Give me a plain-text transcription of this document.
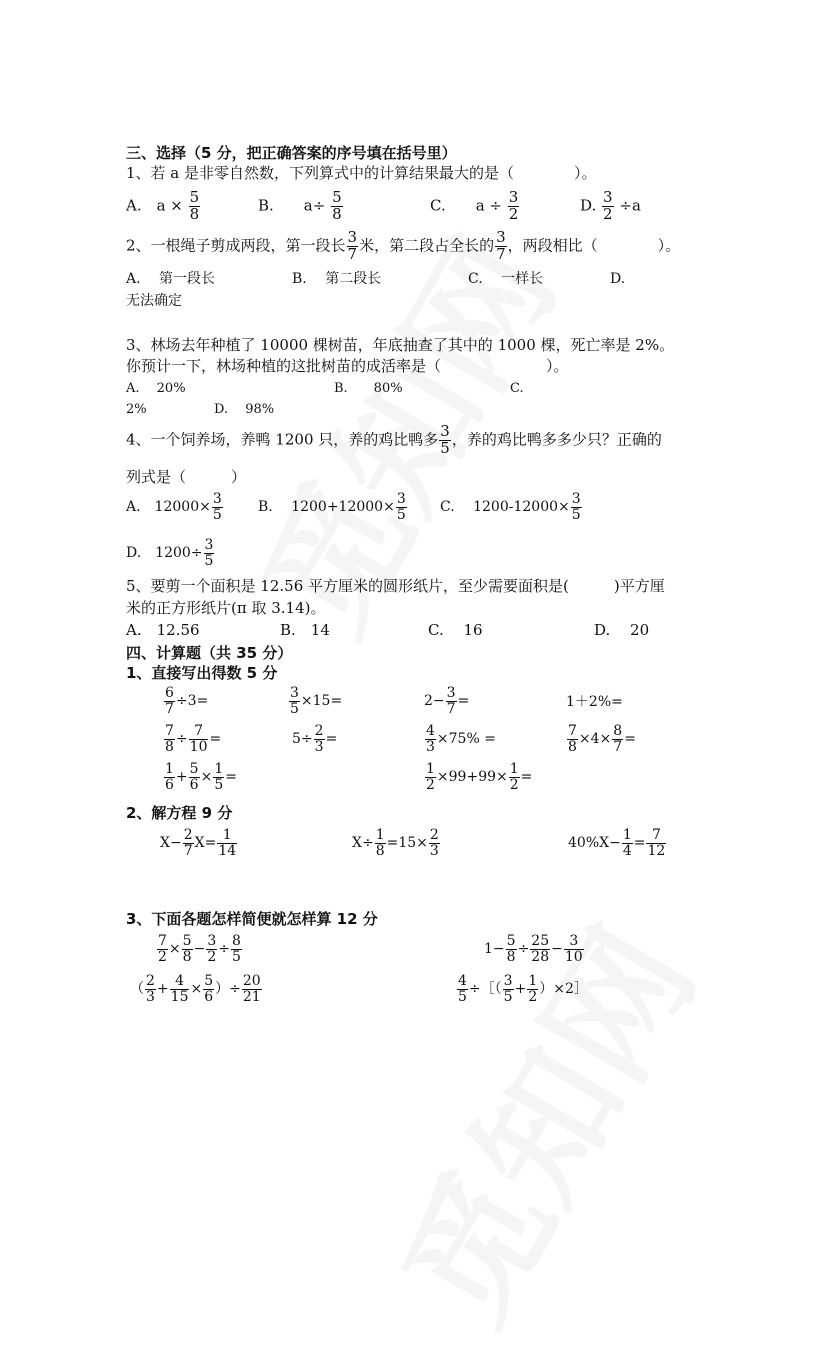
三、选择（5 分，把正确答案的序号填在括号里）
1、若 a 是非零自然数，下列算式中的计算结果最大的是（　　　　）。
A.　$a \times \frac{5}{8}$	B.　　$a\div \frac{5}{8}$	C.　　$a \div \frac{3}{2}$	D. $\frac{3}{2} \div a$
2、一根绳子剪成两段，第一段长 $\frac{3}{7}$ 米，第二段占全长的 $\frac{3}{7}$ ，两段相比（　　　　）。
A.　 第一段长	B.　 第二段长	C.　 一样长	D.
无法确定
3、林场去年种植了 10000 棵树苗，年底抽查了其中的 1000 棵，死亡率是 2%。
你预计一下，林场种植的这批树苗的成活率是（　　　　　　　）。
A.　 20%	B.　　80%	C.
2%	D.　 98%
4、一个饲养场，养鸭 1200 只，养的鸡比鸭多 $\frac{3}{5}$ ，养的鸡比鸭多多少只？正确的
列式是（　　　）
A.　$12000\times \frac{3}{5}$	B.　 $1200+12000\times \frac{3}{5} C$.　 $1200-12000\times \frac{3}{5}$
D.　$1200\div \frac{3}{5}$
5、要剪一个面积是 12.56 平方厘米的圆形纸片，至少需要面积是(　　　)平方厘
米的正方形纸片(π 取 3.14)。
A.　12.56	B.　14	C.　 16	D.　 20
四、计算题（共 35 分）
1、直接写出得数 5 分
$\frac{6}{7} \div 3=$	$\frac{3}{5} \times 15=$	$2- \frac{3}{7}$ =	1＋2%=
$\frac{7}{8} \div \frac{7}{10}$ =	$5\div \frac{2}{3}$ =	$\frac{4}{3} \times 75\%$ =	$\frac{7}{8} \times 4\times \frac{8}{7}$ =
$\frac{1}{6} + \frac{5}{6} \times \frac{1}{5}$ =	$\frac{1}{2} \times 99+99\times \frac{1}{2}$ =
2、解方程 9 分
$X- \frac{2}{7} X= \frac{1}{14}$	$X\div \frac{1}{8} =15\times \frac{2}{3}$	$40\%X- \frac{1}{4} = \frac{7}{12}$
3、下面各题怎样简便就怎样算 12 分
$\frac{7}{2} \times \frac{5}{8} - \frac{3}{2} \div \frac{8}{5}$	$1- \frac{5}{8} \div \frac{25}{28} - \frac{3}{10}$
（ $\frac{2}{3} + \frac{4}{15} \times \frac{5}{6}$ ）÷ $\frac{20}{21}$	$\frac{4}{5}$ ÷［（ $\frac{3}{5} + \frac{1}{2}$ ）×2］
